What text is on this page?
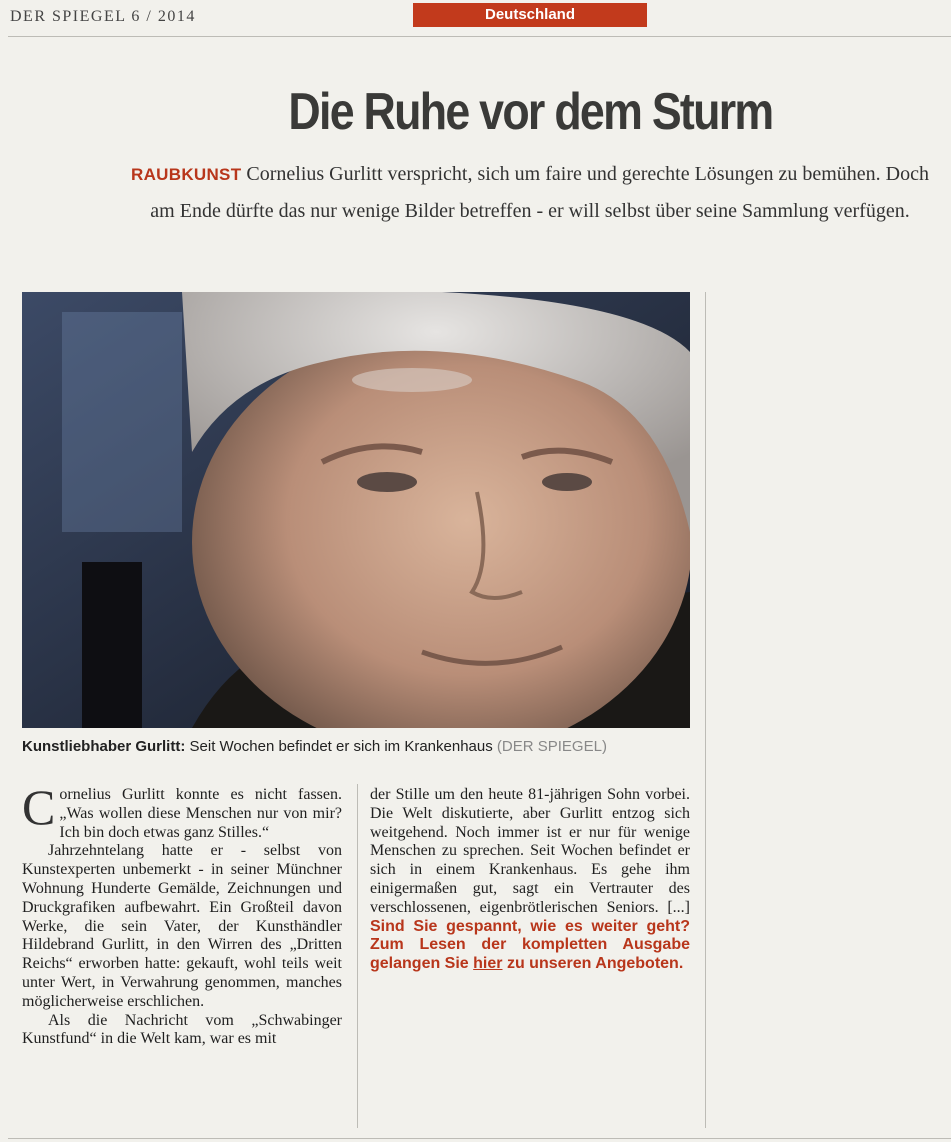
DER SPIEGEL 6 / 2014	Deutschland
Die Ruhe vor dem Sturm
RAUBKUNST Cornelius Gurlitt verspricht, sich um faire und gerechte Lösungen zu bemühen. Doch am Ende dürfte das nur wenige Bilder betreffen - er will selbst über seine Sammlung verfügen.
Kunstliebhaber Gurlitt: Seit Wochen befindet er sich im Krankenhaus (DER SPIEGEL)

Cornelius Gurlitt konnte es nicht fassen. „Was wollen diese Menschen nur von mir? Ich bin doch etwas ganz Stilles.“

Jahrzehntelang hatte er - selbst von Kunstexperten unbemerkt - in seiner Münchner Wohnung Hunderte Gemälde, Zeichnungen und Druckgrafiken aufbewahrt. Ein Großteil davon Werke, die sein Vater, der Kunsthändler Hildebrand Gurlitt, in den Wirren des „Dritten Reichs“ erworben hatte: gekauft, wohl teils weit unter Wert, in Verwahrung genommen, manches möglicherweise erschlichen.

Als die Nachricht vom „Schwabinger Kunstfund“ in die Welt kam, war es mit

der Stille um den heute 81-jährigen Sohn vorbei. Die Welt diskutierte, aber Gurlitt entzog sich weitgehend. Noch immer ist er nur für wenige Menschen zu sprechen. Seit Wochen befindet er sich in einem Krankenhaus. Es gehe ihm einigermaßen gut, sagt ein Vertrauter des verschlossenen, eigenbrötlerischen Seniors. [...] Sind Sie gespannt, wie es weiter geht? Zum Lesen der kompletten Ausgabe gelangen Sie hier zu unseren Angeboten.
